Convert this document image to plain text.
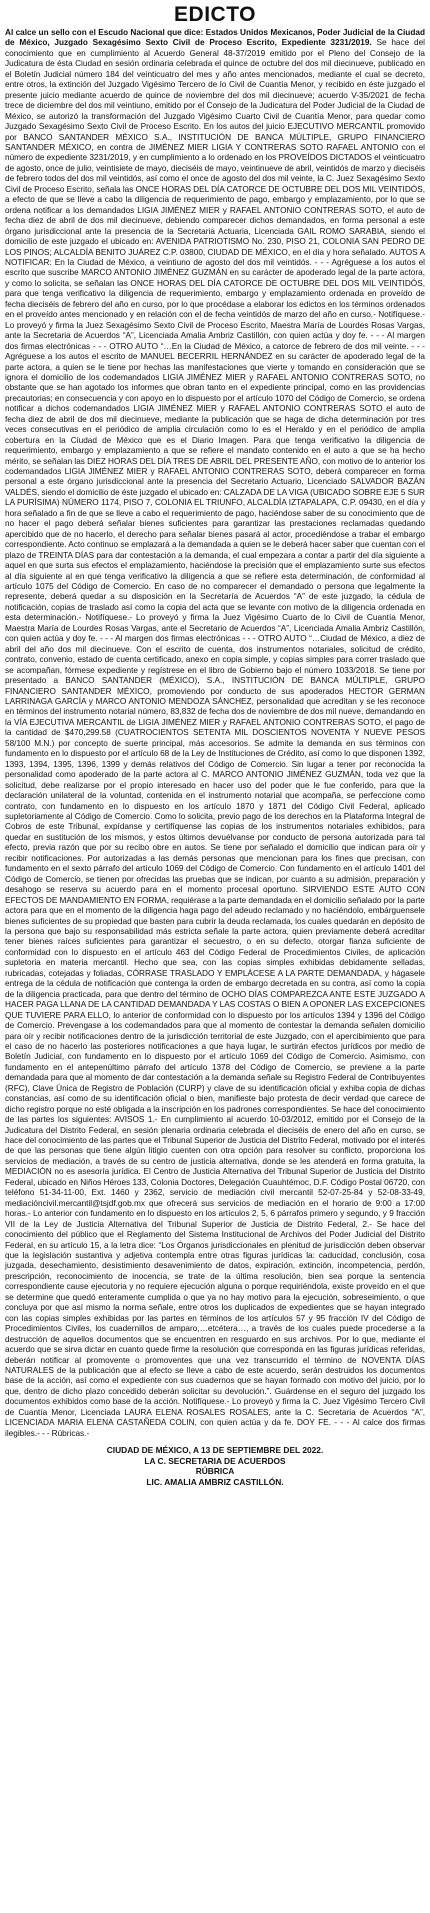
EDICTO

Al calce un sello con el Escudo Nacional que dice: Estados Unidos Mexicanos, Poder Judicial de la Ciudad de México, Juzgado Sexagésimo Sexto Civil de Proceso Escrito, Expediente 3231/2019. Se hace del conocimiento que en cumplimiento al Acuerdo General 48-37/2019 emitido por el Pleno del Consejo de la Judicatura de ésta Ciudad en sesión ordinaria celebrada el quince de octubre del dos mil diecinueve, publicado en el Boletín Judicial número 184 del veinticuatro del mes y año antes mencionados, mediante el cual se decreto, entre otros, la extinción del Juzgado Vigésimo Tercero de lo Civil de Cuantía Menor, y recibido en éste juzgado el presente juicio mediante acuerdo de quince de noviembre del dos mil diecinueve; acuerdo V-35/2021 de fecha trece de diciembre del dos mil veintiuno, emitido por el Consejo de la Judicatura del Poder Judicial de la Ciudad de México, se autorizó la transformación del Juzgado Vigésimo Cuarto Civil de Cuantía Menor, para quedar como Juzgado Sexagésimo Sexto Civil de Proceso Escrito. En los autos del juicio EJECUTIVO MERCANTIL promovido por BANCO SANTANDER MÉXICO S.A., INSTITUCIÓN DE BANCA MÚLTIPLE, GRUPO FINANCIERO SANTANDER MÉXICO, en contra de JIMÉNEZ MIER LIGIA Y CONTRERAS SOTO RAFAEL ANTONIO con el número de expediente 3231/2019, y en cumplimiento a lo ordenado en los PROVEÍDOS DICTADOS el veinticuatro de agosto, once de julio, veintisiete de mayo, dieciséis de mayo, veintinueve de abril, veintidós de marzo y dieciséis de febrero todos del dos mil veintidós, así como el once de agosto del dos mil veinte, la C. Juez Sexagésimo Sexto Civil de Proceso Escrito, señala las ONCE HORAS DEL DÍA CATORCE DE OCTUBRE DEL DOS MIL VEINTIDÓS, a efecto de que se lleve a cabo la diligencia de requerimiento de pago, embargo y emplazamiento, por lo que se ordena notificar a los demandados LIGIA JIMÉNEZ MIER y RAFAEL ANTONIO CONTRERAS SOTO, el auto de fecha diez de abril de dos mil diecinueve, debiendo comparecer dichos demandados, en forma personal a este órgano jurisdiccional ante la presencia de la Secretaria Actuaria, Licenciada GAIL ROMO SARABIA, siendo el domicilio de este juzgado el ubicado en: AVENIDA PATRIOTISMO No. 230, PISO 21, COLONIA SAN PEDRO DE LOS PINOS; ALCALDÍA BENITO JUÁREZ C.P. 03800, CIUDAD DE MÉXICO, en el día y hora señalado. AUTOS A NOTIFICAR: En la Ciudad de México, a veintiuno de agosto del dos mil veintidós. - - - Agréguese a los autos el escrito que suscribe MARCO ANTONIO JIMÉNEZ GUZMÁN en su carácter de apoderado legal de la parte actora, y como lo solicita, se señalan las ONCE HORAS DEL DÍA CATORCE DE OCTUBRE DEL DOS MIL VEINTIDÓS, para que tenga verificativo la diligencia de requerimiento, embargo y emplazamiento ordenada en proveído de fecha dieciséis de febrero del año en curso, por lo que procédase a elaborar los edictos en los términos ordenados en el proveído antes mencionado y en relación con el de fecha veintidós de marzo del año en curso.- Notifíquese.- Lo proveyó y firma la Juez Sexagésimo Sexto Civil de Proceso Escrito, Maestra María de Lourdes Rosas Vargas, ante la Secretaria de Acuerdos “A”, Licenciada Amalia Ambriz Castillón, con quien actúa y doy fe. - - - Al margen dos firmas electrónicas - - - OTRO AUTO “…En la Ciudad de México, a catorce de febrero de dos mil veinte. - - - Agréguese a los autos el escrito de MANUEL BECERRIL HERNÁNDEZ en su carácter de apoderado legal de la parte actora, a quien se le tiene por hechas las manifestaciones que vierte y tomando en consideración que se ignora el domicilio de los codemandados LIGIA JIMÉNEZ MIER y RAFAEL ANTONIO CONTRERAS SOTO, no obstante que se han agotado los informes que obran tanto en el expediente principal, como en las providencias precautorias; en consecuencia y con apoyo en lo dispuesto por el artículo 1070 del Código de Comercio, se ordena notificar a dichos codemandados LIGIA JIMÉNEZ MIER y RAFAEL ANTONIO CONTRERAS SOTO el auto de fecha diez de abril de dos mil diecinueve, mediante la publicación que se haga de dicha determinación por tres veces consecutivas en el periódico de amplia circulación como lo es el Heraldo y en el periódico de amplia cobertura en la Ciudad de México que es el Diario Imagen. Para que tenga verificativo la diligencia de requerimiento, embargo y emplazamiento a que se refiere el mandato contenido en el auto a que se ha hecho mérito, se señalan las DIEZ HORAS DEL DÍA TRES DE ABRIL DEL PRESENTE AÑO, con motivo de lo anterior los codemandados LIGIA JIMÉNEZ MIER y RAFAEL ANTONIO CONTRERAS SOTO, deberá comparecer en forma personal a este órgano jurisdiccional ante la presencia del Secretario Actuario, Licenciado SALVADOR BAZÁN VALDÉS, siendo el domicilio de éste juzgado el ubicado en: CALZADA DE LA VIGA (UBICADO SOBRE EJE 5 SUR LA PURÍSIMA) NÚMERO 1174, PISO 7, COLONIA EL TRIUNFO, ALCALDÍA IZTAPALAPA, C.P. 09430, en el día y hora señalado a fin de que se lleve a cabo el requerimiento de pago, haciéndose saber de su conocimiento que de no hacer el pago deberá señalar bienes suficientes para garantizar las prestaciones reclamadas quedando apercibido que de no hacerlo, el derecho para señalar bienes pasará al actor, procediéndose a trabar el embargo correspondiente. Acto continuo se emplazará a la demandada a quien se le deberá hacer saber que cuentan con el plazo de TREINTA DÍAS para dar contestación a la demanda, el cual empezara a contar a partir del día siguiente a aquel en que surta sus efectos el emplazamiento, haciéndose la precisión que el emplazamiento surte sus efectos al día siguiente al en que tenga verificativo la diligencia a que se refiere esta determinación, de conformidad al artículo 1075 del Código de Comercio. En caso de no comparecer el demandado o persona que legalmente la represente, deberá quedar a su disposición en la Secretaría de Acuerdos “A” de este juzgado, la cédula de notificación, copias de traslado así como la copia del acta que se levante con motivo de la diligencia ordenada en esta determinación.- Notifíquese.- Lo proveyó y firma la Juez Vigésimo Cuarto de lo Civil de Cuantía Menor, Maestra María de Lourdes Rosas Vargas, ante el Secretario de Acuerdos “A”, Licenciada Amalia Ambriz Castillón, con quien actúa y doy fe. - - - Al margen dos firmas electrónicas - - - OTRO AUTO “…Ciudad de México, a diez de abril del año dos mil diecinueve. Con el escrito de cuenta, dos instrumentos notariales, solicitud de crédito, contrato, convenio, estado de cuenta certificado, anexo en copia simple, y copias simples para correr traslado que se acompañan, fórmese expediente y regístrese en el libro de Gobierno bajo el número 1033/2018. Se tiene por presentado a BANCO SANTANDER (MÉXICO), S.A., INSTITUCIÓN DE BANCA MÚLTIPLE, GRUPO FINANCIERO SANTANDER MÉXICO, promoviendo por conducto de sus apoderados HECTOR GERMAN LARRINAGA GARCÍA y MARCO ANTONIO MENDOZA SÁNCHEZ, personalidad que acreditan y se les reconoce en términos del instrumento notarial número, 83,832 de fecha dos de noviembre de dos mil nueve, demandando en la VÍA EJECUTIVA MERCANTIL de LIGIA JIMÉNEZ MIER y RAFAEL ANTONIO CONTRERAS SOTO, el pago de la cantidad de $470,299.58 (CUATROCIENTOS SETENTA MIL DOSCIENTOS NOVENTA Y NUEVE PESOS 58/100 M.N.) por concepto de suerte principal, más accesorios. Se admite la demanda en sus términos con fundamento en lo dispuesto por el artículo 68 de la Ley de Instituciones de Crédito, así como lo que disponen 1392, 1393, 1394, 1395, 1396, 1399 y demás relativos del Código de Comercio. Sin lugar a tener por reconocida la personalidad como apoderado de la parte actora al C. MARCO ANTONIO JIMÉNEZ GUZMÁN, toda vez que la solicitud, debe realizarse por el propio interesado en hacer uso del poder que le fue conferido, para que la declaración unilateral de la voluntad, contenida en el instrumento notarial que acompaña, se perfeccione como contrato, con fundamento en lo dispuesto en los artículo 1870 y 1871 del Código Civil Federal, aplicado supletoriamente al Código de Comercio. Como lo solicita, previo pago de los derechos en la Plataforma Integral de Cobros de este Tribunal, expídanse y certifíquense las copias de los instrumentos notariales exhibidos, para quedar en sustitución de los mismos, y estos últimos devuélvanse por conducto de persona autorizada para tal efecto, previa razón que por su recibo obre en autos. Se tiene por señalado el domicilio que indican para oír y recibir notificaciones. Por autorizadas a las demás personas que mencionan para los fines que precisan, con fundamento en el sexto párrafo del artículo 1069 del Código de Comercio. Con fundamento en el artículo 1401 del Código de Comercio, se tienen por ofrecidas las pruebas que se indican, por cuanto a su admisión, preparación y desahogo se reserva su acuerdo para en el momento procesal oportuno. SIRVIENDO ESTE AUTO CON EFECTOS DE MANDAMIENTO EN FORMA, requiérase a la parte demandada en el domicilio señalado por la parte actora para que en el momento de la diligencia haga pago del adeudo reclamado y no haciéndolo, embárguensele bienes suficientes de su propiedad que basten para cubrir la deuda reclamada, los cuales quedarán en depósito de la persona que bajo su responsabilidad más estricta señale la parte actora, quien previamente deberá acreditar tener bienes raíces suficientes para garantizar el secuestro, o en su defecto, otorgar fianza suficiente de conformidad con lo dispuesto en el artículo 463 del Código Federal de Procedimientos Civiles, de aplicación supletoria en materia mercantil. Hecho que sea, con las copias simples exhibidas debidamente selladas, rubricadas, cotejadas y foliadas, CÓRRASE TRASLADO Y EMPLÁCESE A LA PARTE DEMANDADA, y hágasele entrega de la cédula de notificación que contenga la orden de embargo decretada en su contra, así como la copia de la diligencia practicada, para que dentro del término de OCHO DÍAS COMPAREZCA ANTE ESTE JUZGADO A HACER PAGA LLANA DE LA CANTIDAD DEMANDADA Y LAS COSTAS O BIEN A OPONER LAS EXCEPCIONES QUE TUVIERE PARA ELLO, lo anterior de conformidad con lo dispuesto por los artículos 1394 y 1396 del Código de Comercio. Prevengase a los codemandados para que al momento de contestar la demanda señalen domicilio para oír y recibir notificaciones dentro de la jurisdicción territorial de este Juzgado, con el apercibimiento que para el caso de no hacerlo las posteriores notificaciones a que haya lugar, le surtirán efectos jurídicos por medio de Boletín Judicial, con fundamento en lo dispuesto por el artículo 1069 del Código de Comercio. Asimismo, con fundamento en el antepenúltimo párrafo del artículo 1378 del Código de Comercio, se previene a la parte demandada para que al momento de dar contestación a la demanda señale su Registro Federal de Contribuyentes (RFC), Clave Única de Registro de Población (CURP) y clave de su identificación oficial y exhiba copia de dichas constancias, así como de su identificación oficial o bien, manifieste bajo protesta de decir verdad que carece de dicho registro porque no esté obligada a la inscripción en los padrones correspondientes. Se hace del conocimiento de las partes los siguientes: AVISOS 1.- En cumplimiento al acuerdo 10-03/2012, emitido por el Consejo de la Judicatura del Distrito Federal, en sesión plenaria ordinaria celebrada el dieciséis de enero del año en curso, se hace del conocimiento de las partes que el Tribunal Superior de Justicia del Distrito Federal, motivado por el interés de que las personas que tiene algún litigio cuenten con otra opción para resolver su conflicto, proporciona los servicios de mediación, a través de su centro de justicia alternativa, donde se les atenderá en forma gratuita, la MEDIACIÓN no es asesoría jurídica. El Centro de Justicia Alternativa del Tribunal Superior de Justicia del Distrito Federal, ubicado en Niños Héroes 133, Colonia Doctores, Delegación Cuauhtémoc, D.F. Código Postal 06720, con teléfono 51-34-11-00, Ext. 1460 y 2362, servicio de mediación civil mercantil 52-07-25-84 y 52-08-33-49, mediacióncivil.mercantil@tsjdf.gob.mx que ofrecerá sus servicios de mediación en el horario de 9:00 a 17:00 horas.- Lo anterior con fundamento en lo dispuesto en los artículos 2, 5, 6 párrafos primero y segundo, y 9 fracción VII de la Ley de Justicia Alternativa del Tribunal Superior de Justicia de Distrito Federal, 2.- Se hace del conocimiento del público que el Reglamento del Sistema Institucional de Archivos del Poder Judicial del Distrito Federal, en su artículo 15, a la letra dice: “Los Órganos jurisdiccionales en plenitud de jurisdicción deben observar que la legislación sustantiva y adjetiva contempla entre otras figuras jurídicas la: caducidad, conclusión, cosa juzgada, desechamiento, desistimiento desavenimiento de datos, expiración, extinción, incompetencia, perdón, prescripción, reconocimiento de inocencia, se trate de la última resolución, bien sea porque la sentencia correspondiente cause ejecutoria y no requiere ejecución alguna o porque requiriéndola, existe proveído en el que se determine que quedó enteramente cumplida o que ya no hay motivo para la ejecución, sobreseimiento, o que concluya por que así mismo la norma señale, entre otros los duplicados de expedientes que se hayan integrado con las copias simples exhibidas por las partes en términos de los artículos 57 y 95 fracción IV del Código de Procedimientos Civiles, los cuadernillos de amparo,…etcétera…, a través de los cuales puede procederse a la destrucción de aquellos documentos que se encuentren en resguardo en sus archivos. Por lo que, mediante el acuerdo que se sirva dictar en cuanto quede firme la resolución que corresponda en las figuras jurídicas referidas, deberán notificar al promovente o promoventes que una vez transcurrido el término de NOVENTA DÍAS NATURALES de la publicación que al efecto se lleve a cabo de este acuerdo, serán destruidos los documentos base de la acción, así como el expediente con sus cuadernos que se hayan formado con motivo del juicio, por lo que, dentro de dicho plazo concedido deberán solicitar su devolución.”. Guárdense en el seguro del juzgado los documentos exhibidos como base de la acción. Notifíquese.- Lo proveyó y firma la C. Juez Vigésimo Tercero Civil de Cuantía Menor, Licenciada LAURA ELENA ROSALES ROSALES, ante la C. Secretaria de Acuerdos “A”, LICENCIADA MARIA ELENA CASTAÑEDA COLIN, con quien actúa y da fe. DOY FE. - - - Al calce dos firmas ilegibles.- - - Rúbricas.-

CIUDAD DE MÉXICO, A 13 DE SEPTIEMBRE DEL 2022.
LA C. SECRETARIA DE ACUERDOS
RÚBRICA
LIC. AMALIA AMBRIZ CASTILLÓN.
